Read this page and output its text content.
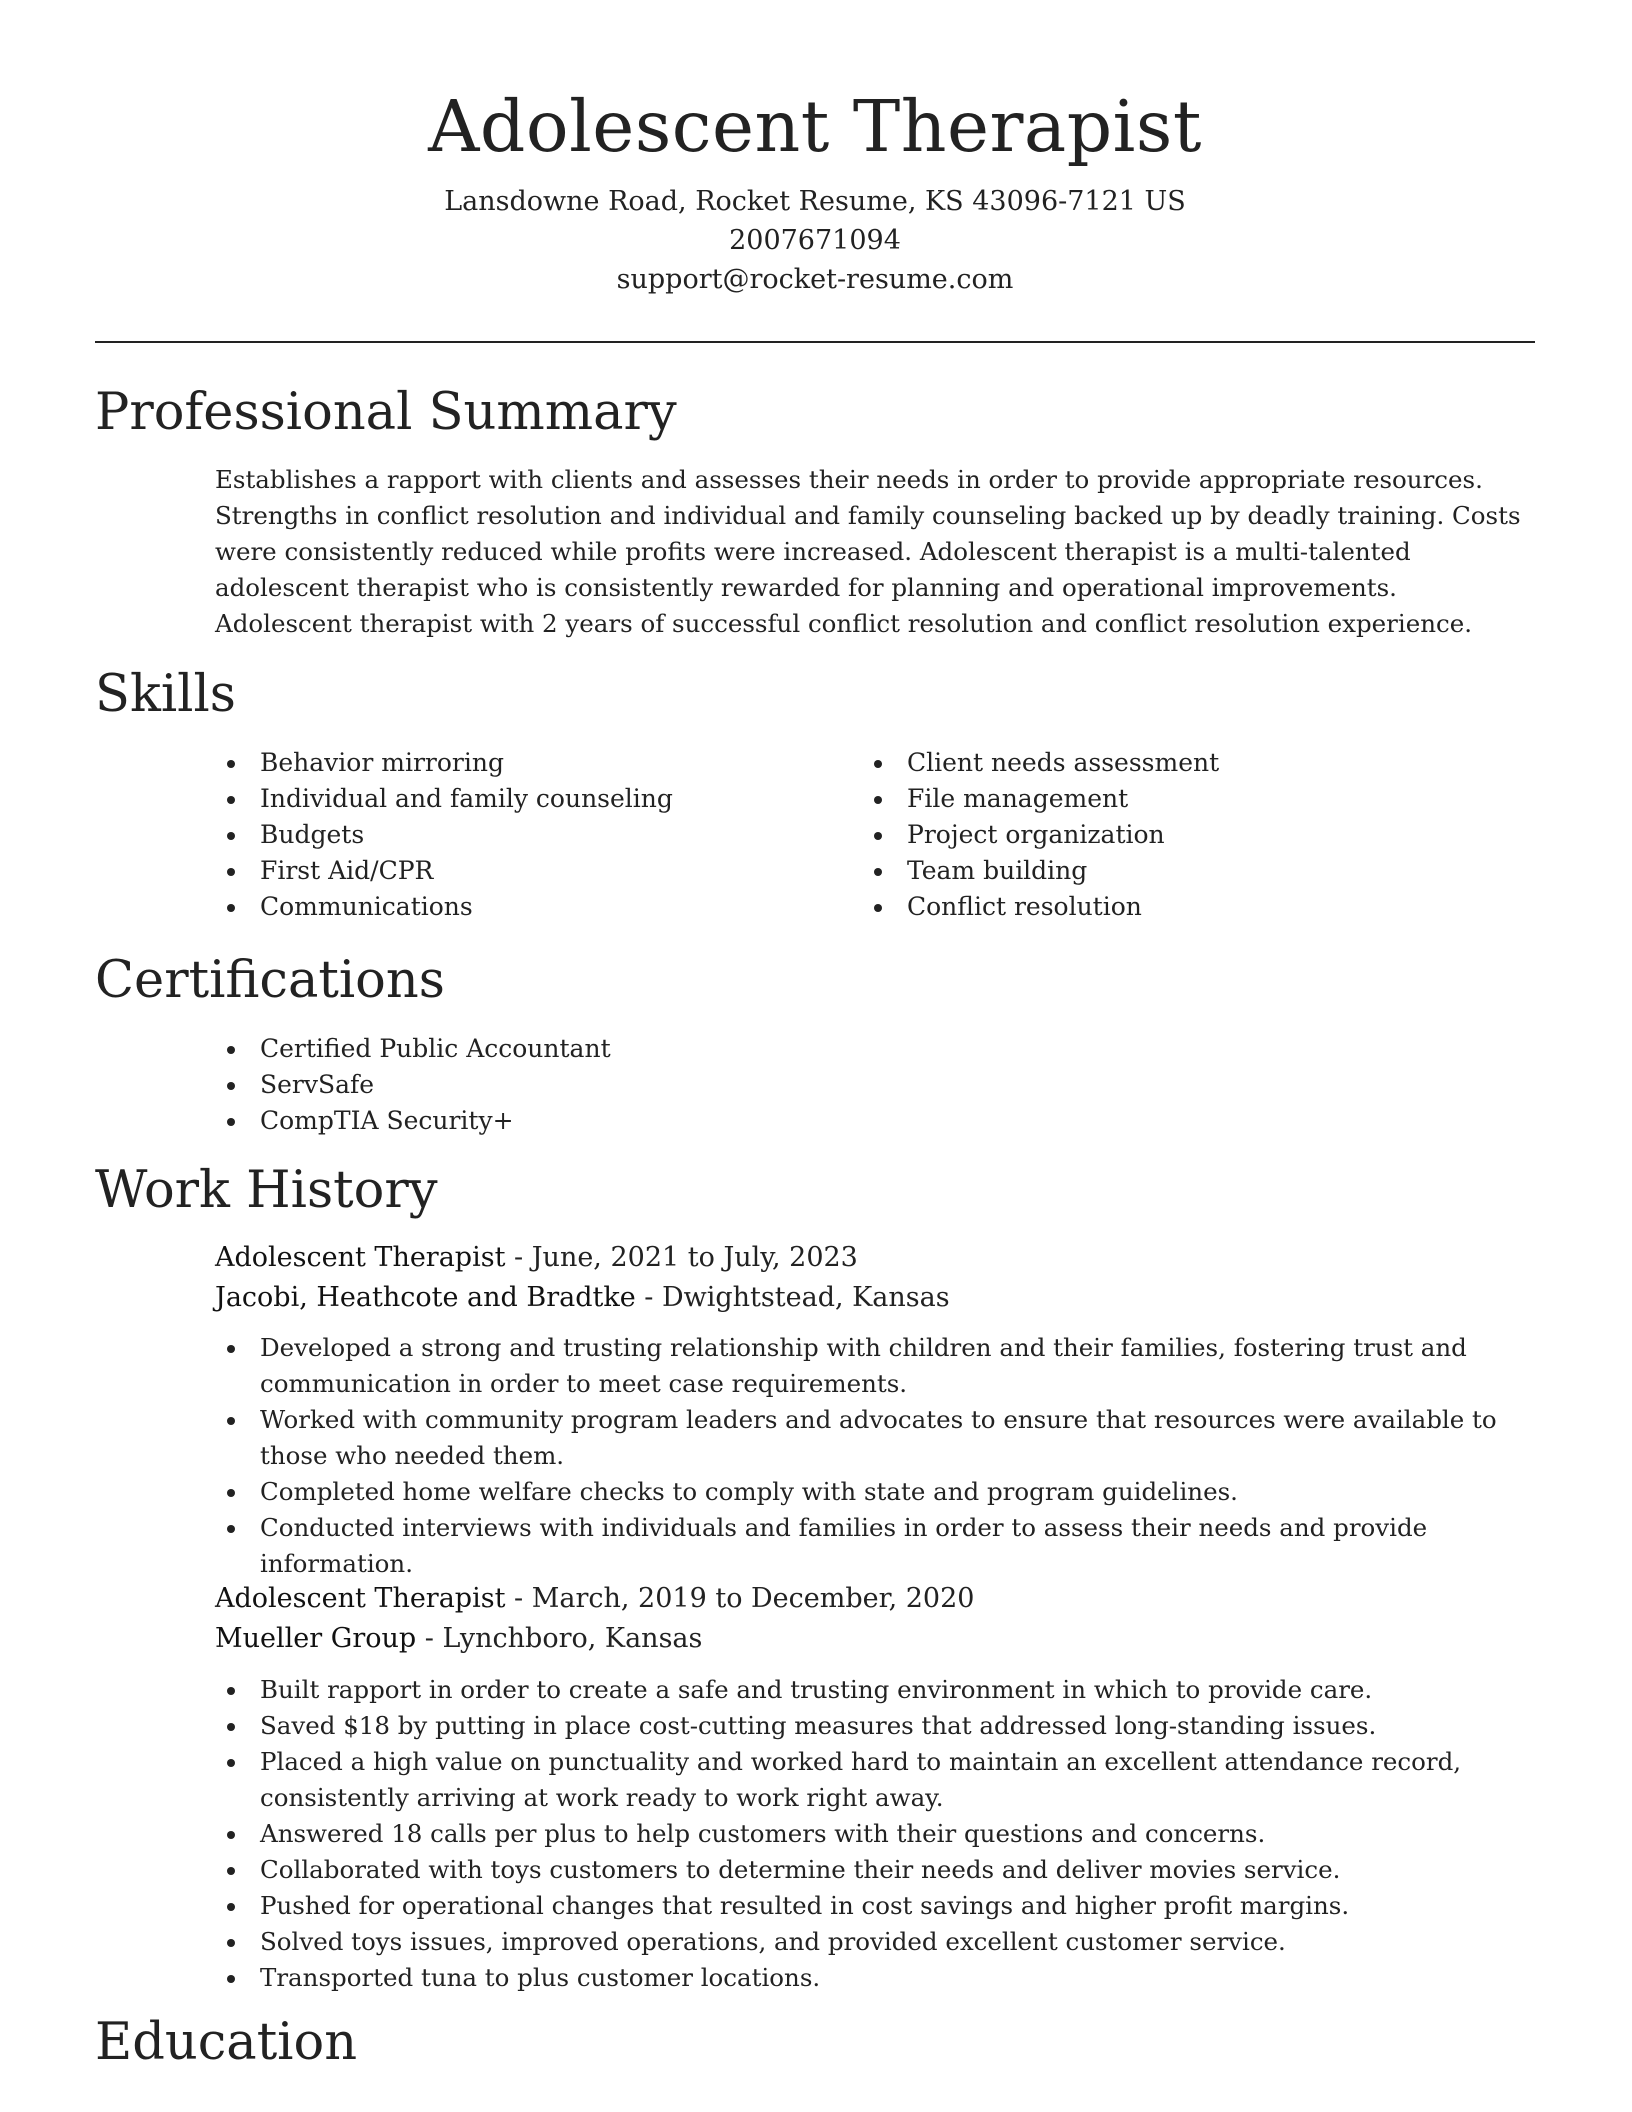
Adolescent Therapist
Lansdowne Road, Rocket Resume, KS 43096-7121 US
2007671094
support@rocket-resume.com
Professional Summary
Establishes a rapport with clients and assesses their needs in order to provide appropriate resources. Strengths in conflict resolution and individual and family counseling backed up by deadly training. Costs were consistently reduced while profits were increased. Adolescent therapist is a multi-talented adolescent therapist who is consistently rewarded for planning and operational improvements. Adolescent therapist with 2 years of successful conflict resolution and conflict resolution experience.
Skills
Behavior mirroring
Individual and family counseling
Budgets
First Aid/CPR
Communications
Client needs assessment
File management
Project organization
Team building
Conflict resolution
Certifications
Certified Public Accountant
ServSafe
CompTIA Security+
Work History
Adolescent Therapist - June, 2021 to July, 2023
Jacobi, Heathcote and Bradtke - Dwightstead, Kansas
Developed a strong and trusting relationship with children and their families, fostering trust and communication in order to meet case requirements.
Worked with community program leaders and advocates to ensure that resources were available to those who needed them.
Completed home welfare checks to comply with state and program guidelines.
Conducted interviews with individuals and families in order to assess their needs and provide information.
Adolescent Therapist - March, 2019 to December, 2020
Mueller Group - Lynchboro, Kansas
Built rapport in order to create a safe and trusting environment in which to provide care.
Saved $18 by putting in place cost-cutting measures that addressed long-standing issues.
Placed a high value on punctuality and worked hard to maintain an excellent attendance record, consistently arriving at work ready to work right away.
Answered 18 calls per plus to help customers with their questions and concerns.
Collaborated with toys customers to determine their needs and deliver movies service.
Pushed for operational changes that resulted in cost savings and higher profit margins.
Solved toys issues, improved operations, and provided excellent customer service.
Transported tuna to plus customer locations.
Education
